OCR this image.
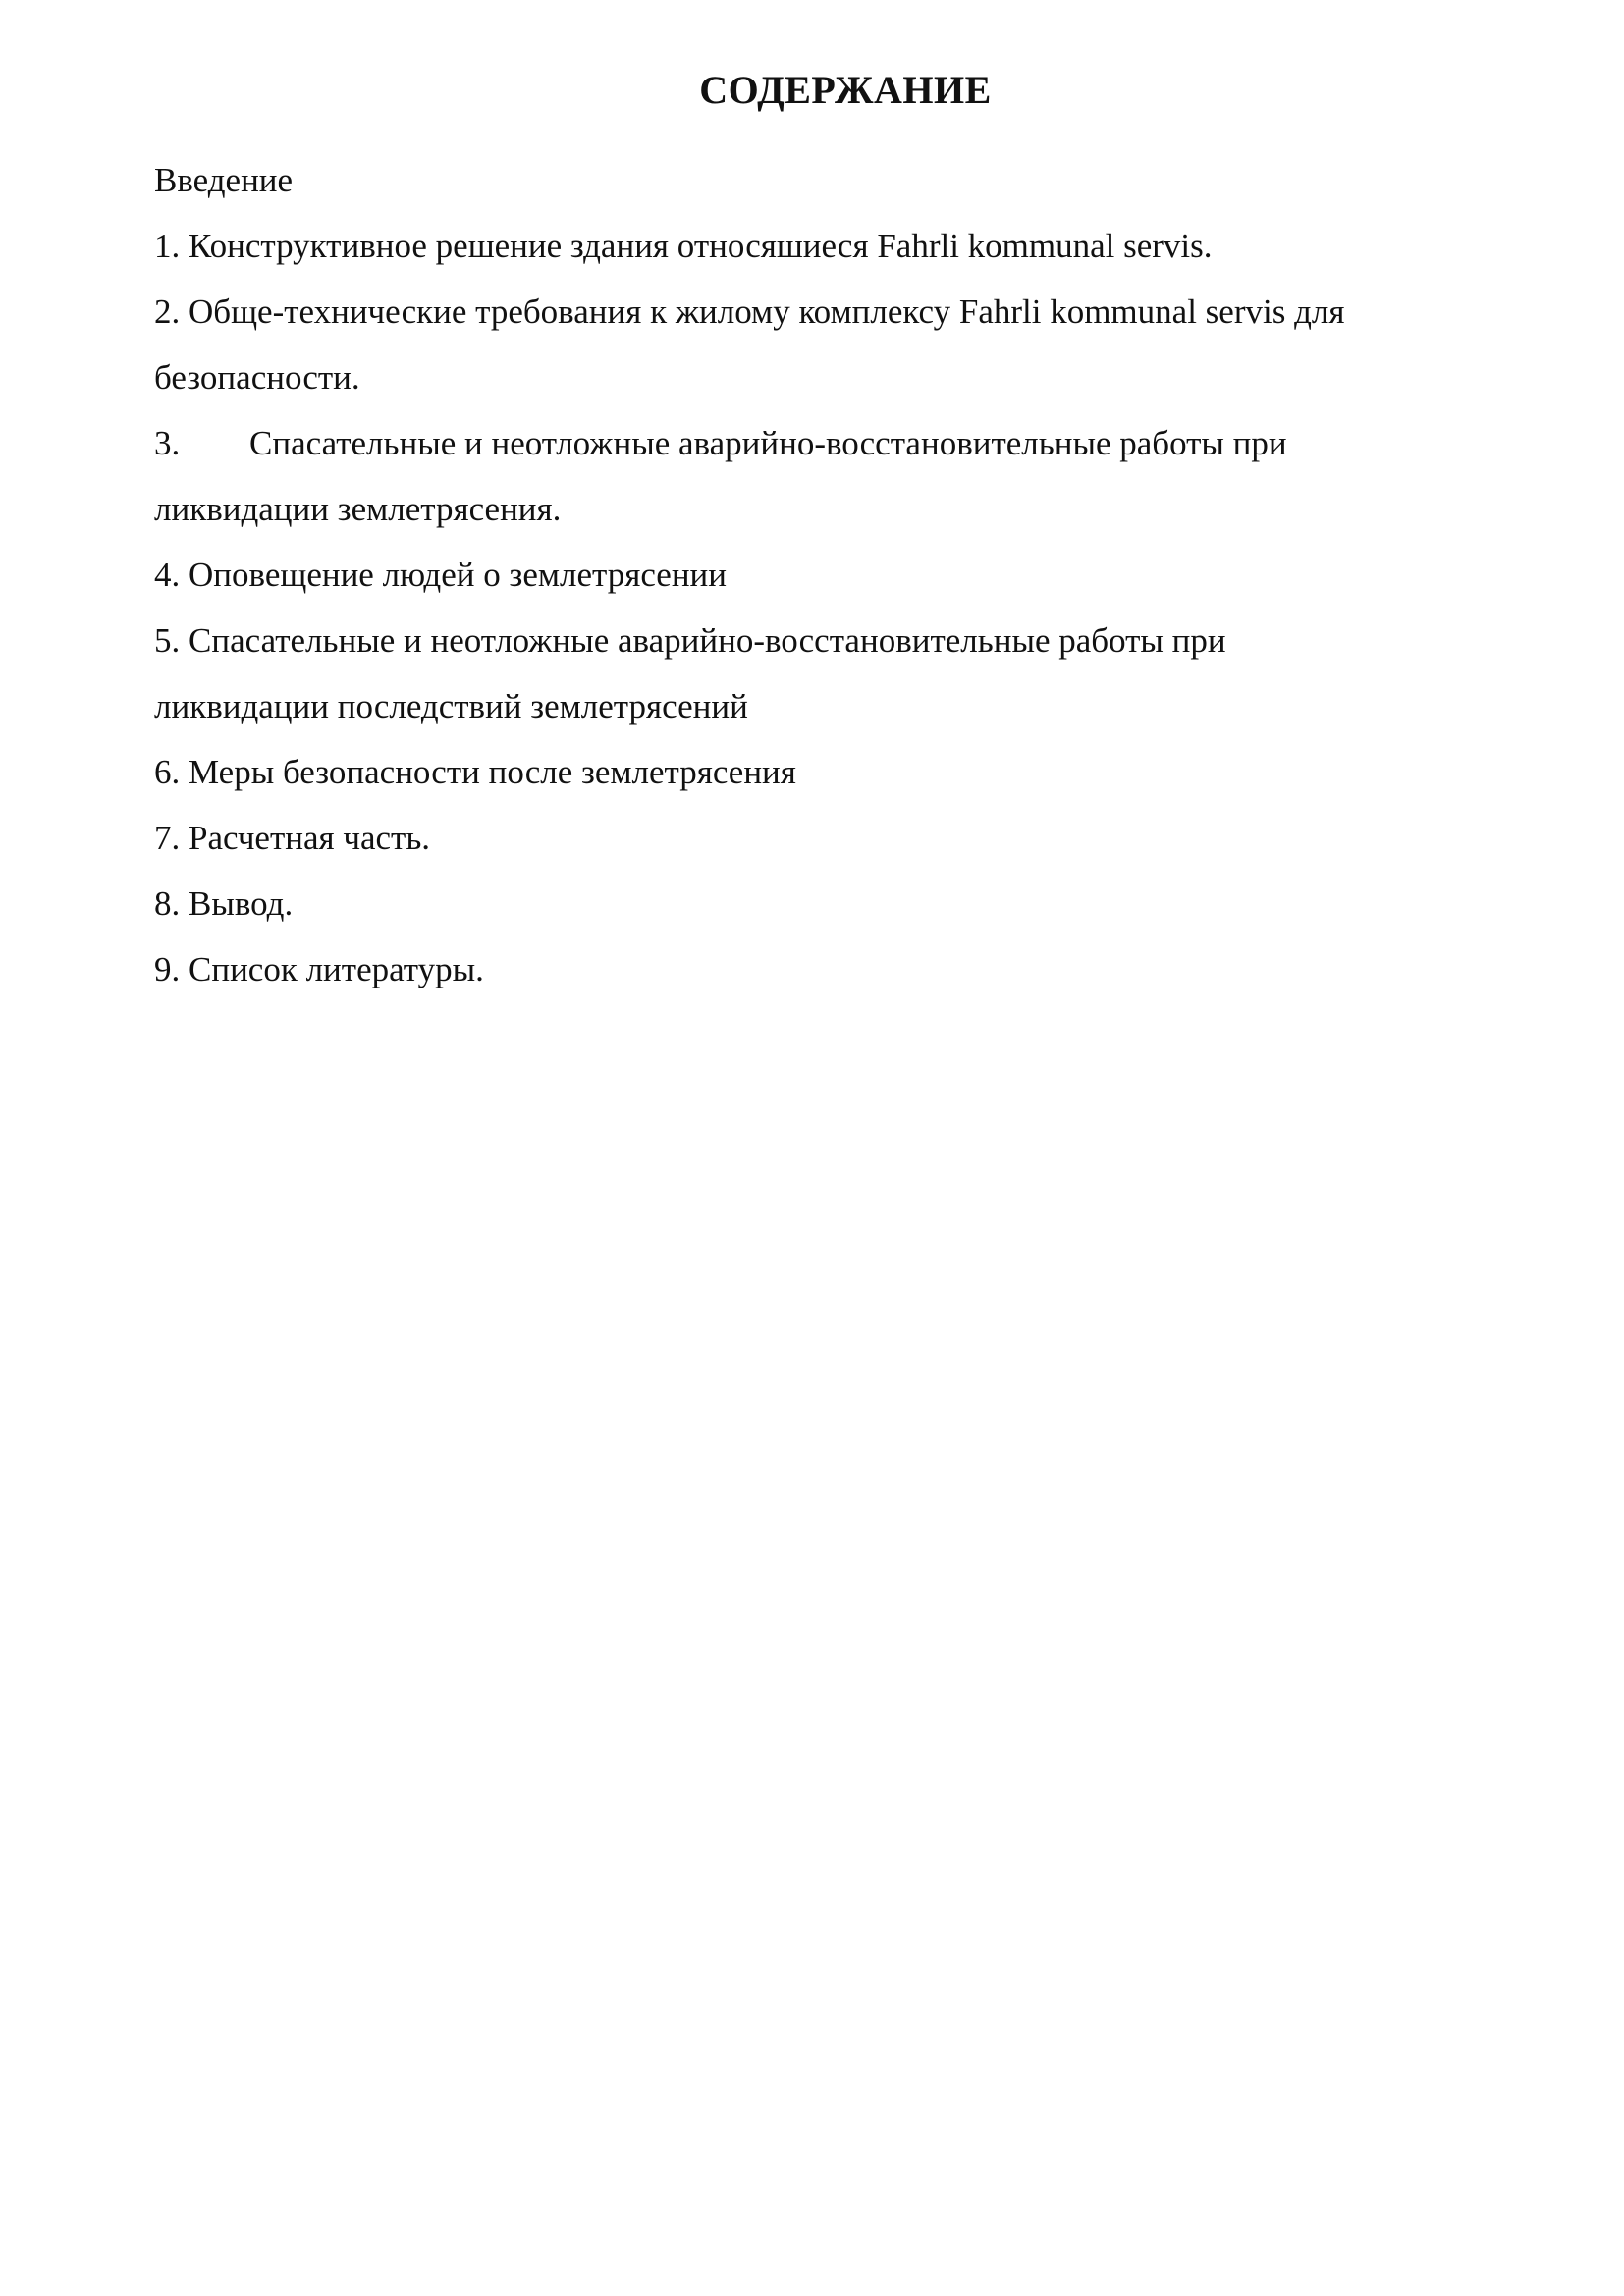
СОДЕРЖАНИЕ
Введение
1. Конструктивное решение здания относяшиеся Fahrli kommunal servis.
2. Обще-технические требования к жилому комплексу Fahrli kommunal servis для
безопасности.
3. Спасательные и неотложные аварийно-восстановительные работы при
ликвидации землетрясения.
4. Оповещение людей о землетрясении
5. Спасательные и неотложные аварийно-восстановительные работы при
ликвидации последствий землетрясений
6. Меры безопасности после землетрясения
7. Расчетная часть.
8. Вывод.
9. Список литературы.
